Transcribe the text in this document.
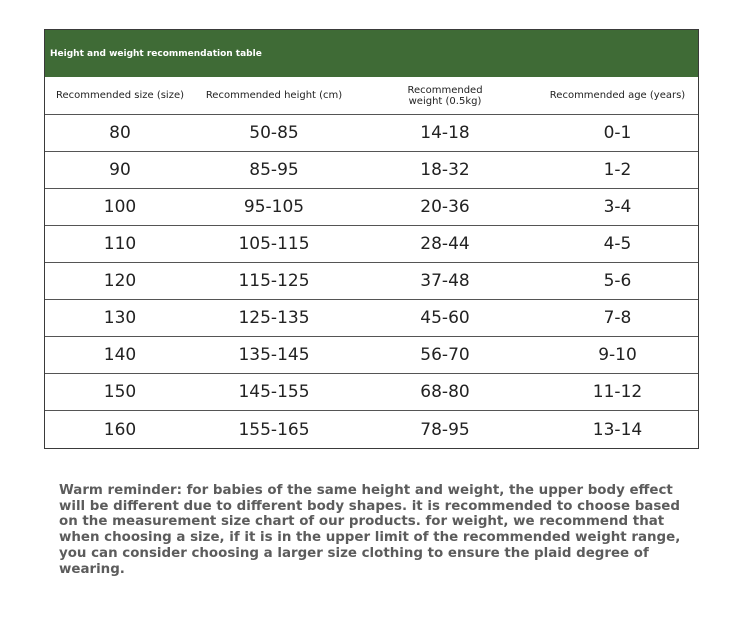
Height and weight recommendation table
Recommended size (size)	Recommended height (cm)	Recommended weight (0.5kg)	Recommended age (years)
80	50-85	14-18	0-1
90	85-95	18-32	1-2
100	95-105	20-36	3-4
110	105-115	28-44	4-5
120	115-125	37-48	5-6
130	125-135	45-60	7-8
140	135-145	56-70	9-10
150	145-155	68-80	11-12
160	155-165	78-95	13-14
Warm reminder: for babies of the same height and weight, the upper body effect will be different due to different body shapes. it is recommended to choose based on the measurement size chart of our products. for weight, we recommend that when choosing a size, if it is in the upper limit of the recommended weight range, you can consider choosing a larger size clothing to ensure the plaid degree of wearing.
